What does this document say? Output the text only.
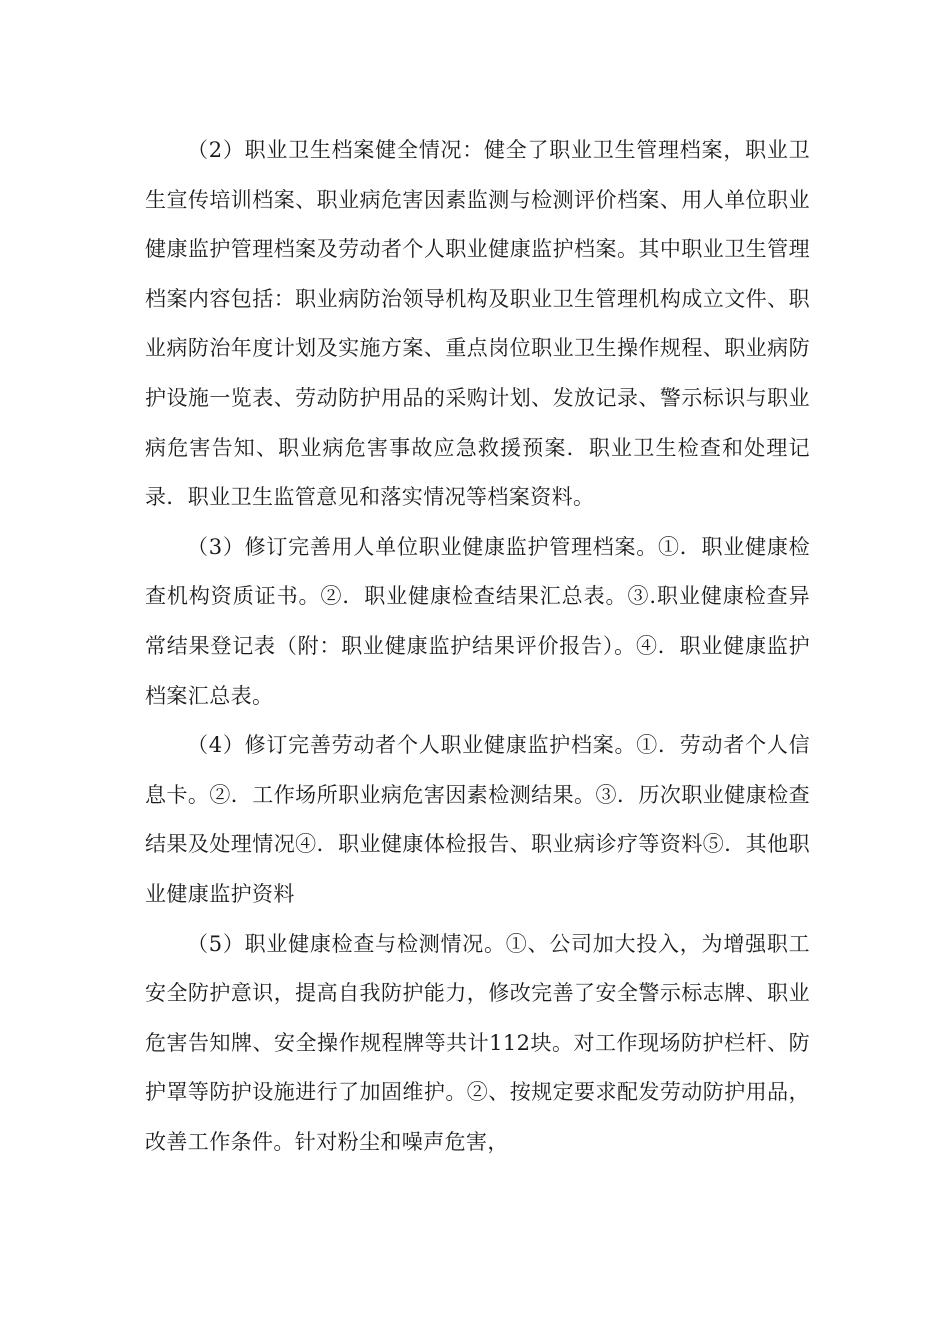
（2）职业卫生档案健全情况：健全了职业卫生管理档案，职业卫生宣传培训档案、职业病危害因素监测与检测评价档案、用人单位职业健康监护管理档案及劳动者个人职业健康监护档案。其中职业卫生管理档案内容包括：职业病防治领导机构及职业卫生管理机构成立文件、职业病防治年度计划及实施方案、重点岗位职业卫生操作规程、职业病防护设施一览表、劳动防护用品的采购计划、发放记录、警示标识与职业病危害告知、职业病危害事故应急救援预案．职业卫生检查和处理记录．职业卫生监管意见和落实情况等档案资料。

（3）修订完善用人单位职业健康监护管理档案。①．职业健康检查机构资质证书。②．职业健康检查结果汇总表。③.职业健康检查异常结果登记表（附：职业健康监护结果评价报告）。④．职业健康监护档案汇总表。

（4）修订完善劳动者个人职业健康监护档案。①．劳动者个人信息卡。②．工作场所职业病危害因素检测结果。③．历次职业健康检查结果及处理情况④．职业健康体检报告、职业病诊疗等资料⑤．其他职业健康监护资料

（5）职业健康检查与检测情况。①、公司加大投入，为增强职工安全防护意识，提高自我防护能力，修改完善了安全警示标志牌、职业危害告知牌、安全操作规程牌等共计112块。对工作现场防护栏杆、防护罩等防护设施进行了加固维护。②、按规定要求配发劳动防护用品，改善工作条件。针对粉尘和噪声危害，
